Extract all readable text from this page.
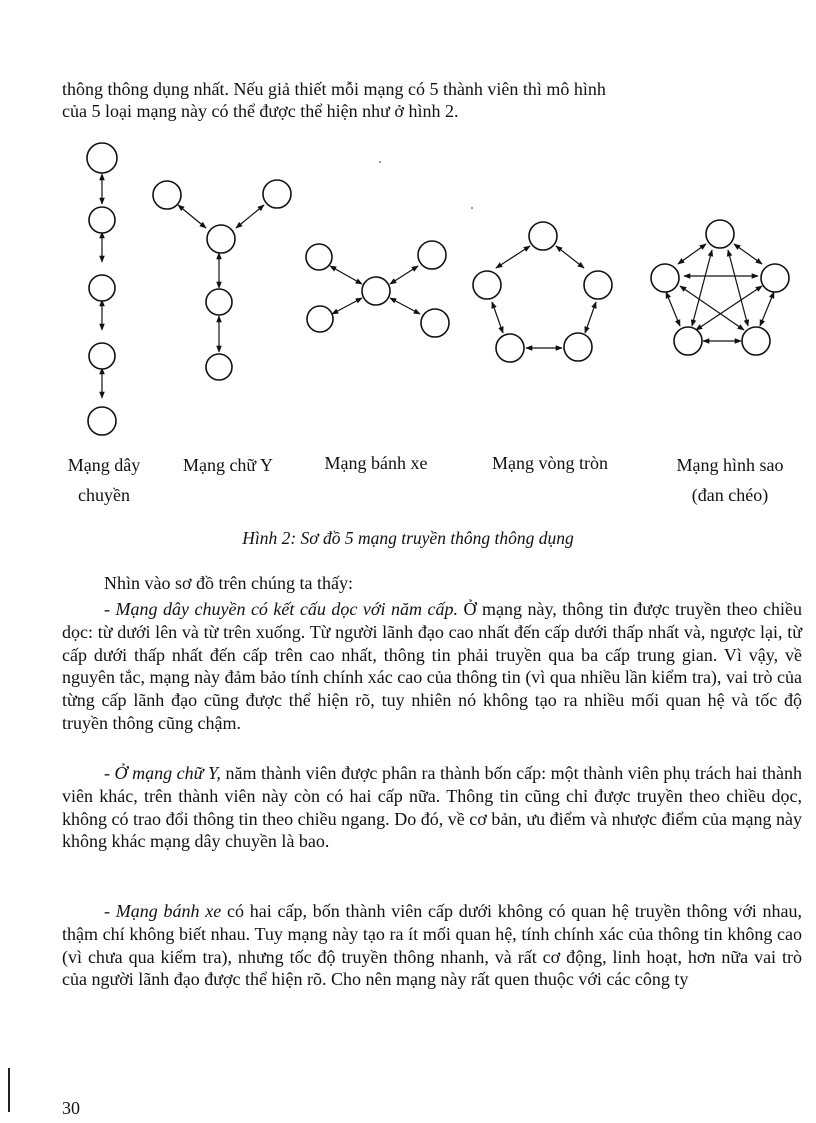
thông thông dụng nhất. Nếu giả thiết mỗi mạng có 5 thành viên thì mô hình

của 5 loại mạng này có thể được thể hiện như ở hình 2.

Mạng dây
chuyền
Mạng chữ Y	Mạng bánh xe	Mạng vòng tròn	Mạng hình sao
(đan chéo)

Hình 2: Sơ đồ 5 mạng truyền thông thông dụng

Nhìn vào sơ đồ trên chúng ta thấy:

- Mạng dây chuyền có kết cấu dọc với năm cấp. Ở mạng này, thông tin được truyền theo chiều dọc: từ dưới lên và từ trên xuống. Từ người lãnh đạo cao nhất đến cấp dưới thấp nhất và, ngược lại, từ cấp dưới thấp nhất đến cấp trên cao nhất, thông tin phải truyền qua ba cấp trung gian. Vì vậy, về nguyên tắc, mạng này đảm bảo tính chính xác cao của thông tin (vì qua nhiều lần kiểm tra), vai trò của từng cấp lãnh đạo cũng được thể hiện rõ, tuy nhiên nó không tạo ra nhiều mối quan hệ và tốc độ truyền thông cũng chậm.

- Ở mạng chữ Y, năm thành viên được phân ra thành bốn cấp: một thành viên phụ trách hai thành viên khác, trên thành viên này còn có hai cấp nữa. Thông tin cũng chỉ được truyền theo chiều dọc, không có trao đổi thông tin theo chiều ngang. Do đó, về cơ bản, ưu điểm và nhược điểm của mạng này không khác mạng dây chuyền là bao.

- Mạng bánh xe có hai cấp, bốn thành viên cấp dưới không có quan hệ truyền thông với nhau, thậm chí không biết nhau. Tuy mạng này tạo ra ít mối quan hệ, tính chính xác của thông tin không cao (vì chưa qua kiểm tra), nhưng tốc độ truyền thông nhanh, và rất cơ động, linh hoạt, hơn nữa vai trò của người lãnh đạo được thể hiện rõ. Cho nên mạng này rất quen thuộc với các công ty

30
